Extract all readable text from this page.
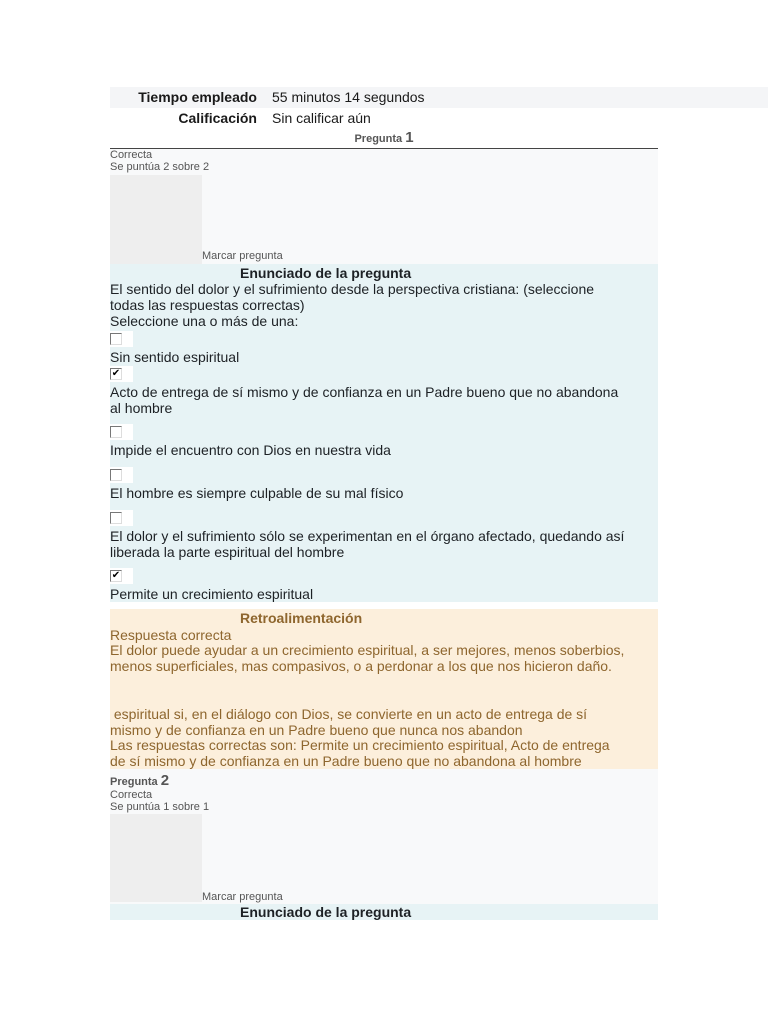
Tiempo empleado 55 minutos 14 segundos
Calificación Sin calificar aún
Pregunta 1
Correcta
Se puntúa 2 sobre 2
Marcar pregunta
Enunciado de la pregunta
El sentido del dolor y el sufrimiento desde la perspectiva cristiana: (seleccione
todas las respuestas correctas)
Seleccione una o más de una:
Sin sentido espiritual
✔
Acto de entrega de sí mismo y de confianza en un Padre bueno que no abandona
al hombre
Impide el encuentro con Dios en nuestra vida
El hombre es siempre culpable de su mal físico
El dolor y el sufrimiento sólo se experimentan en el órgano afectado, quedando así
liberada la parte espiritual del hombre
✔
Permite un crecimiento espiritual
Retroalimentación
Respuesta correcta
El dolor puede ayudar a un crecimiento espiritual, a ser mejores, menos soberbios,
menos superficiales, mas compasivos, o a perdonar a los que nos hicieron daño.
espiritual si, en el diálogo con Dios, se convierte en un acto de entrega de sí
mismo y de confianza en un Padre bueno que nunca nos abandon
Las respuestas correctas son: Permite un crecimiento espiritual, Acto de entrega
de sí mismo y de confianza en un Padre bueno que no abandona al hombre
Pregunta 2
Correcta
Se puntúa 1 sobre 1
Marcar pregunta
Enunciado de la pregunta
